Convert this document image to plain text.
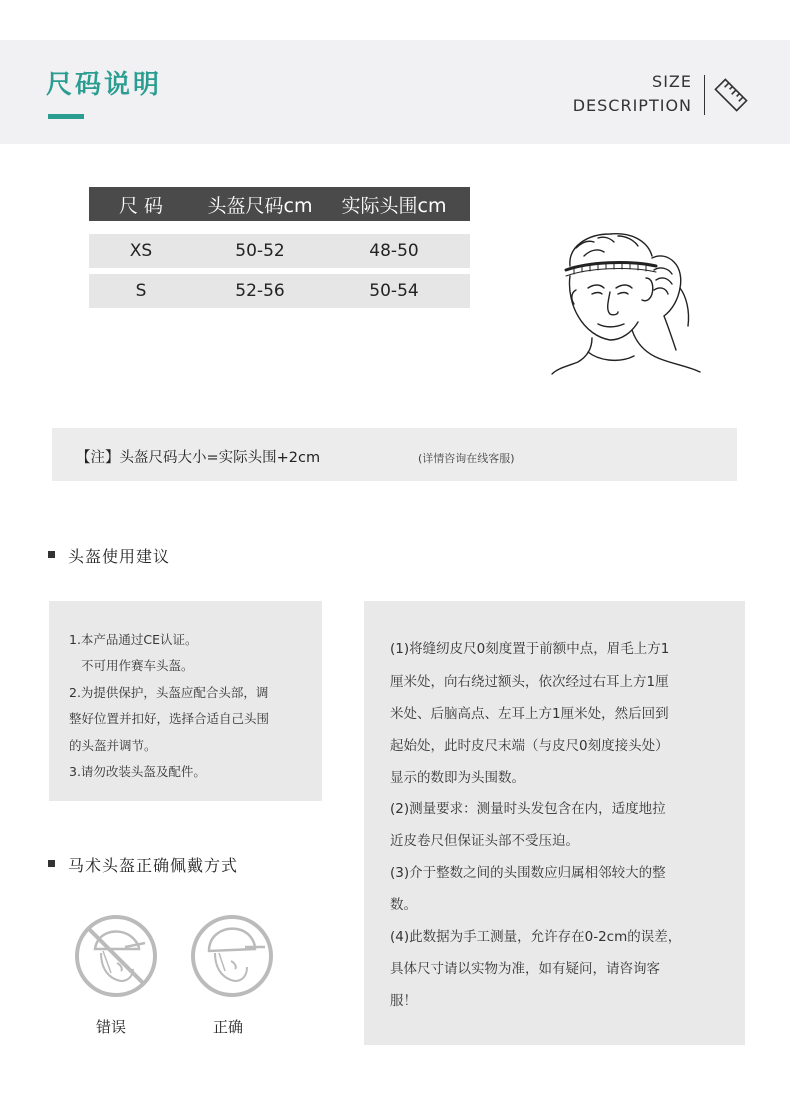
尺码说明	SIZE
DESCRIPTION
尺 码	头盔尺码cm	实际头围cm
XS	50-52	48-50
S	52-56	50-54
【注】头盔尺码大小=实际头围+2cm	(详情咨询在线客服)
头盔使用建议
1.本产品通过CE认证。
不可用作赛车头盔。
2.为提供保护，头盔应配合头部，调
整好位置并扣好，选择合适自己头围
的头盔并调节。
3.请勿改装头盔及配件。
(1)将缝纫皮尺0刻度置于前额中点，眉毛上方1
厘米处，向右绕过额头，依次经过右耳上方1厘
米处、后脑高点、左耳上方1厘米处，然后回到
起始处，此时皮尺末端（与皮尺0刻度接头处）
显示的数即为头围数。
(2)测量要求：测量时头发包含在内，适度地拉
近皮卷尺但保证头部不受压迫。
(3)介于整数之间的头围数应归属相邻较大的整
数。
(4)此数据为手工测量，允许存在0-2cm的误差，
具体尺寸请以实物为准，如有疑问，请咨询客
服！
马术头盔正确佩戴方式
错误	正确
